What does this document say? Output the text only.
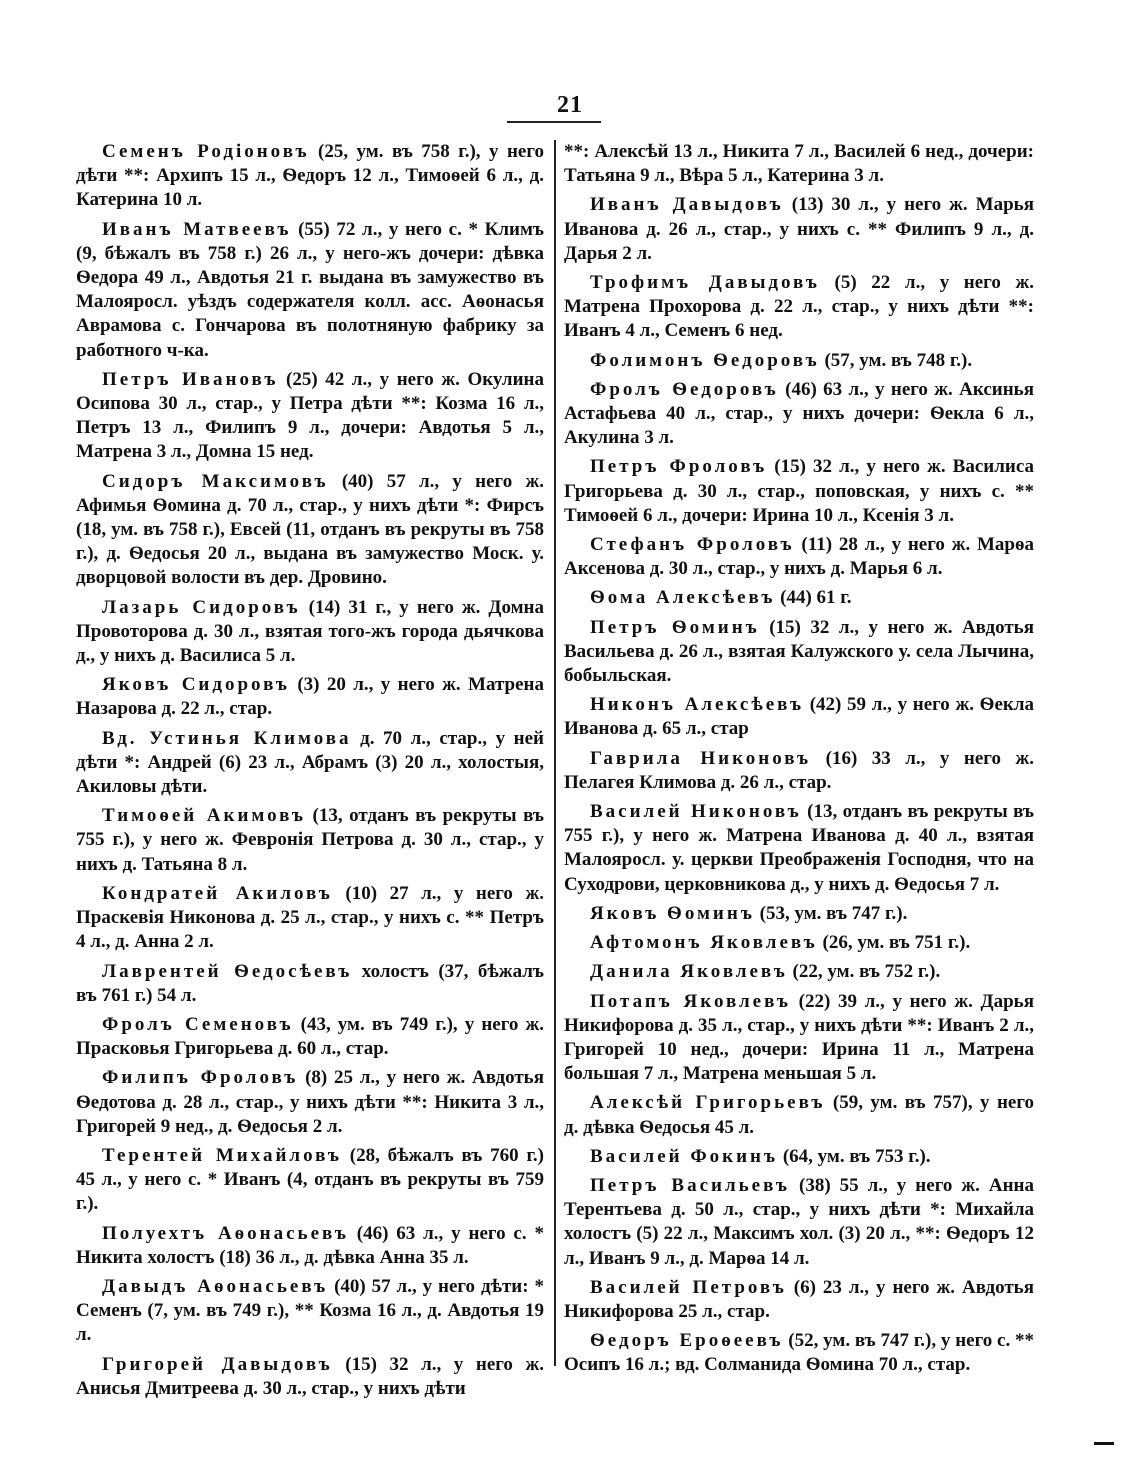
21

Семенъ Родіоновъ (25, ум. въ 758 г.), у него дѣти **: Архипъ 15 л., Ѳедоръ 12 л., Тимоѳей 6 л., д. Катерина 10 л.

Иванъ Матвеевъ (55) 72 л., у него с. * Климъ (9, бѣжалъ въ 758 г.) 26 л., у него-жъ дочери: дѣвка Ѳедора 49 л., Авдотья 21 г. выдана въ замужество въ Малояросл. уѣздъ содержателя колл. асс. Аѳонасья Аврамова с. Гончарова въ полотняную фабрику за работного ч-ка.

Петръ Ивановъ (25) 42 л., у него ж. Окулина Осипова 30 л., стар., у Петра дѣти **: Козма 16 л., Петръ 13 л., Филипъ 9 л., дочери: Авдотья 5 л., Матрена 3 л., Домна 15 нед.

Сидоръ Максимовъ (40) 57 л., у него ж. Афимья Ѳомина д. 70 л., стар., у нихъ дѣти *: Фирсъ (18, ум. въ 758 г.), Евсей (11, отданъ въ рекруты въ 758 г.), д. Ѳедосья 20 л., выдана въ замужество Моск. у. дворцовой волости въ дер. Дровино.

Лазарь Сидоровъ (14) 31 г., у него ж. Домна Провоторова д. 30 л., взятая того-жъ города дьячкова д., у нихъ д. Василиса 5 л.

Яковъ Сидоровъ (3) 20 л., у него ж. Матрена Назарова д. 22 л., стар.

Вд. Устинья Климова д. 70 л., стар., у ней дѣти *: Андрей (6) 23 л., Абрамъ (3) 20 л., холостыя, Акиловы дѣти.

Тимоѳей Акимовъ (13, отданъ въ рекруты въ 755 г.), у него ж. Февронія Петрова д. 30 л., стар., у нихъ д. Татьяна 8 л.

Кондратей Акиловъ (10) 27 л., у него ж. Праскевія Никонова д. 25 л., стар., у нихъ с. ** Петръ 4 л., д. Анна 2 л.

Лаврентей Ѳедосѣевъ холостъ (37, бѣжалъ въ 761 г.) 54 л.

Фролъ Семеновъ (43, ум. въ 749 г.), у него ж. Прасковья Григорьева д. 60 л., стар.

Филипъ Фроловъ (8) 25 л., у него ж. Авдотья Ѳедотова д. 28 л., стар., у нихъ дѣти **: Никита 3 л., Григорей 9 нед., д. Ѳедосья 2 л.

Терентей Михайловъ (28, бѣжалъ въ 760 г.) 45 л., у него с. * Иванъ (4, отданъ въ рекруты въ 759 г.).

Полуехтъ Аѳонасьевъ (46) 63 л., у него с. * Никита холостъ (18) 36 л., д. дѣвка Анна 35 л.

Давыдъ Аѳонасьевъ (40) 57 л., у него дѣти: * Семенъ (7, ум. въ 749 г.), ** Козма 16 л., д. Авдотья 19 л.

Григорей Давыдовъ (15) 32 л., у него ж. Анисья Дмитреева д. 30 л., стар., у нихъ дѣти

**: Алексѣй 13 л., Никита 7 л., Василей 6 нед., дочери: Татьяна 9 л., Вѣра 5 л., Катерина 3 л.

Иванъ Давыдовъ (13) 30 л., у него ж. Марья Иванова д. 26 л., стар., у нихъ с. ** Филипъ 9 л., д. Дарья 2 л.

Трофимъ Давыдовъ (5) 22 л., у него ж. Матрена Прохорова д. 22 л., стар., у нихъ дѣти **: Иванъ 4 л., Семенъ 6 нед.

Фолимонъ Ѳедоровъ (57, ум. въ 748 г.).

Фролъ Ѳедоровъ (46) 63 л., у него ж. Аксинья Астафьева 40 л., стар., у нихъ дочери: Ѳекла 6 л., Акулина 3 л.

Петръ Фроловъ (15) 32 л., у него ж. Василиса Григорьева д. 30 л., стар., поповская, у нихъ с. ** Тимоѳей 6 л., дочери: Ирина 10 л., Ксенія 3 л.

Стефанъ Фроловъ (11) 28 л., у него ж. Марѳа Аксенова д. 30 л., стар., у нихъ д. Марья 6 л.

Ѳома Алексѣевъ (44) 61 г.

Петръ Ѳоминъ (15) 32 л., у него ж. Авдотья Васильева д. 26 л., взятая Калужского у. села Лычина, бобыльская.

Никонъ Алексѣевъ (42) 59 л., у него ж. Ѳекла Иванова д. 65 л., стар

Гаврила Никоновъ (16) 33 л., у него ж. Пелагея Климова д. 26 л., стар.

Василей Никоновъ (13, отданъ въ рекруты въ 755 г.), у него ж. Матрена Иванова д. 40 л., взятая Малояросл. у. церкви Преображенія Господня, что на Суходрови, церковникова д., у нихъ д. Ѳедосья 7 л.

Яковъ Ѳоминъ (53, ум. въ 747 г.).

Афтомонъ Яковлевъ (26, ум. въ 751 г.).

Данила Яковлевъ (22, ум. въ 752 г.).

Потапъ Яковлевъ (22) 39 л., у него ж. Дарья Никифорова д. 35 л., стар., у нихъ дѣти **: Иванъ 2 л., Григорей 10 нед., дочери: Ирина 11 л., Матрена большая 7 л., Матрена меньшая 5 л.

Алексѣй Григорьевъ (59, ум. въ 757), у него д. дѣвка Ѳедосья 45 л.

Василей Фокинъ (64, ум. въ 753 г.).

Петръ Васильевъ (38) 55 л., у него ж. Анна Терентьева д. 50 л., стар., у нихъ дѣти *: Михайла холостъ (5) 22 л., Максимъ хол. (3) 20 л., **: Ѳедоръ 12 л., Иванъ 9 л., д. Марѳа 14 л.

Василей Петровъ (6) 23 л., у него ж. Авдотья Никифорова 25 л., стар.

Ѳедоръ Ероѳеевъ (52, ум. въ 747 г.), у него с. ** Осипъ 16 л.; вд. Солманида Ѳомина 70 л., стар.
